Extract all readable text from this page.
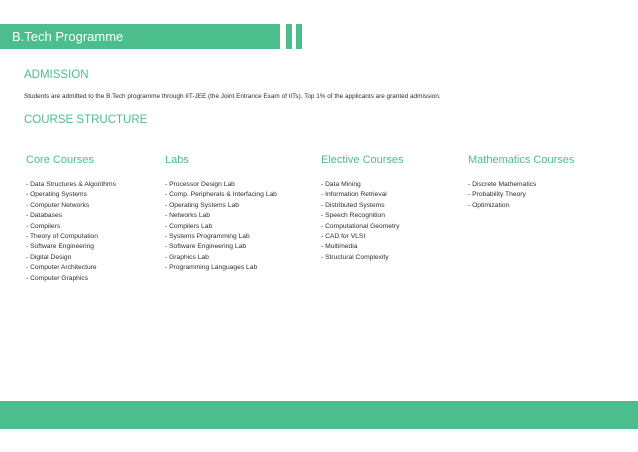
B.Tech Programme
ADMISSION
Students are admitted to the B.Tech programme through IIT-JEE (the Joint Entrance Exam of IITs). Top 1% of the applicants are granted admission.
COURSE STRUCTURE
Core Courses
- Data Structures & Algorithms
- Operating Systems
- Computer Networks
- Databases
- Compilers
- Theory of Computation
- Software Engineering
- Digital Design
- Computer Architecture
- Computer Graphics
Labs
- Processor Design Lab
- Comp. Peripherals & Interfacing Lab
- Operating Systems Lab
- Networks Lab
- Compilers Lab
- Systems Programming Lab
- Software Engineering Lab
- Graphics Lab
- Programming Languages Lab
Elective Courses
- Data Mining
- Information Retrieval
- Distributed Systems
- Speech Recognition
- Computational Geometry
- CAD for VLSI
- Multimedia
- Structural Complexity
Mathematics Courses
- Discrete Mathematics
- Probability Theory
- Optimization
